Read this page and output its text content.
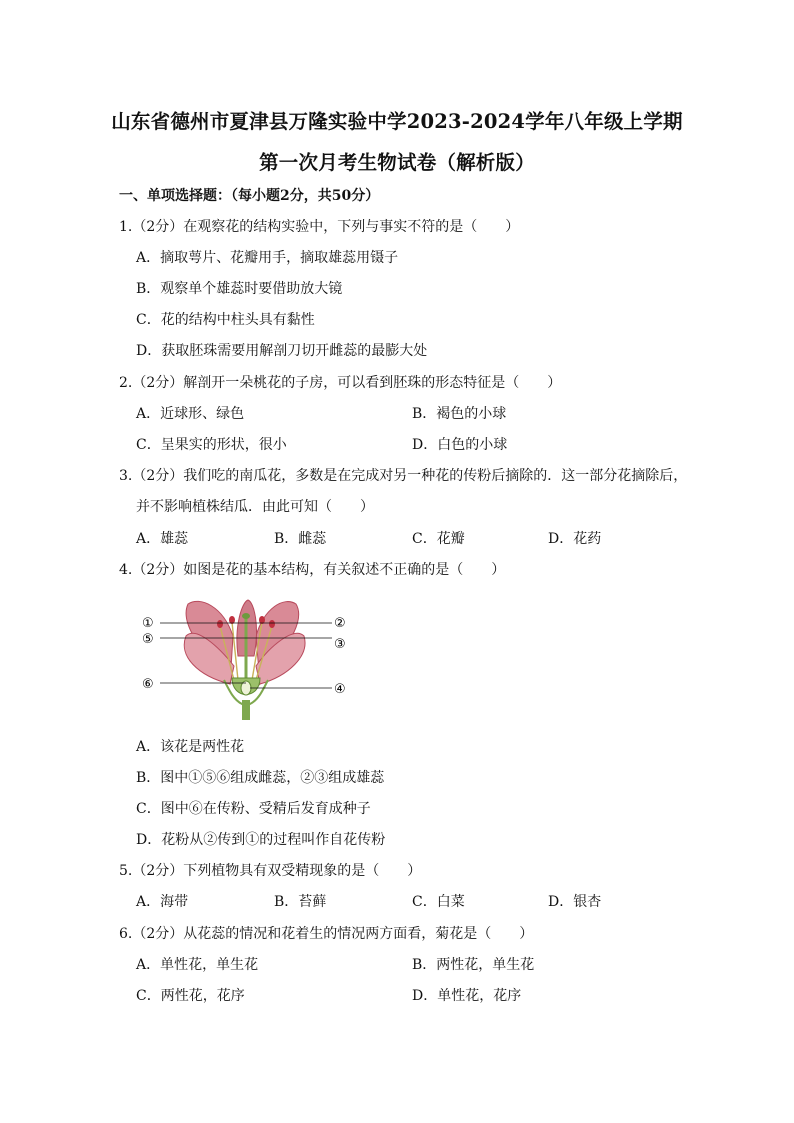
山东省德州市夏津县万隆实验中学2023-2024学年八年级上学期
第一次月考生物试卷（解析版）
一、单项选择题：（每小题2分，共50分）
1.（2分）在观察花的结构实验中，下列与事实不符的是（　　）
A．摘取萼片、花瓣用手，摘取雄蕊用镊子
B．观察单个雄蕊时要借助放大镜
C．花的结构中柱头具有黏性
D．获取胚珠需要用解剖刀切开雌蕊的最膨大处
2.（2分）解剖开一朵桃花的子房，可以看到胚珠的形态特征是（　　）
A．近球形、绿色	B．褐色的小球
C．呈果实的形状，很小	D．白色的小球
3.（2分）我们吃的南瓜花，多数是在完成对另一种花的传粉后摘除的．这一部分花摘除后，
并不影响植株结瓜．由此可知（　　）
A．雄蕊	B．雌蕊	C．花瓣	D．花药
4.（2分）如图是花的基本结构，有关叙述不正确的是（　　）
①	②
③
④
⑤
⑥
A．该花是两性花
B．图中①⑤⑥组成雌蕊，②③组成雄蕊
C．图中⑥在传粉、受精后发育成种子
D．花粉从②传到①的过程叫作自花传粉
5.（2分）下列植物具有双受精现象的是（　　）
A．海带	B．苔藓	C．白菜	D．银杏
6.（2分）从花蕊的情况和花着生的情况两方面看，菊花是（　　）
A．单性花，单生花	B．两性花，单生花
C．两性花，花序	D．单性花，花序
